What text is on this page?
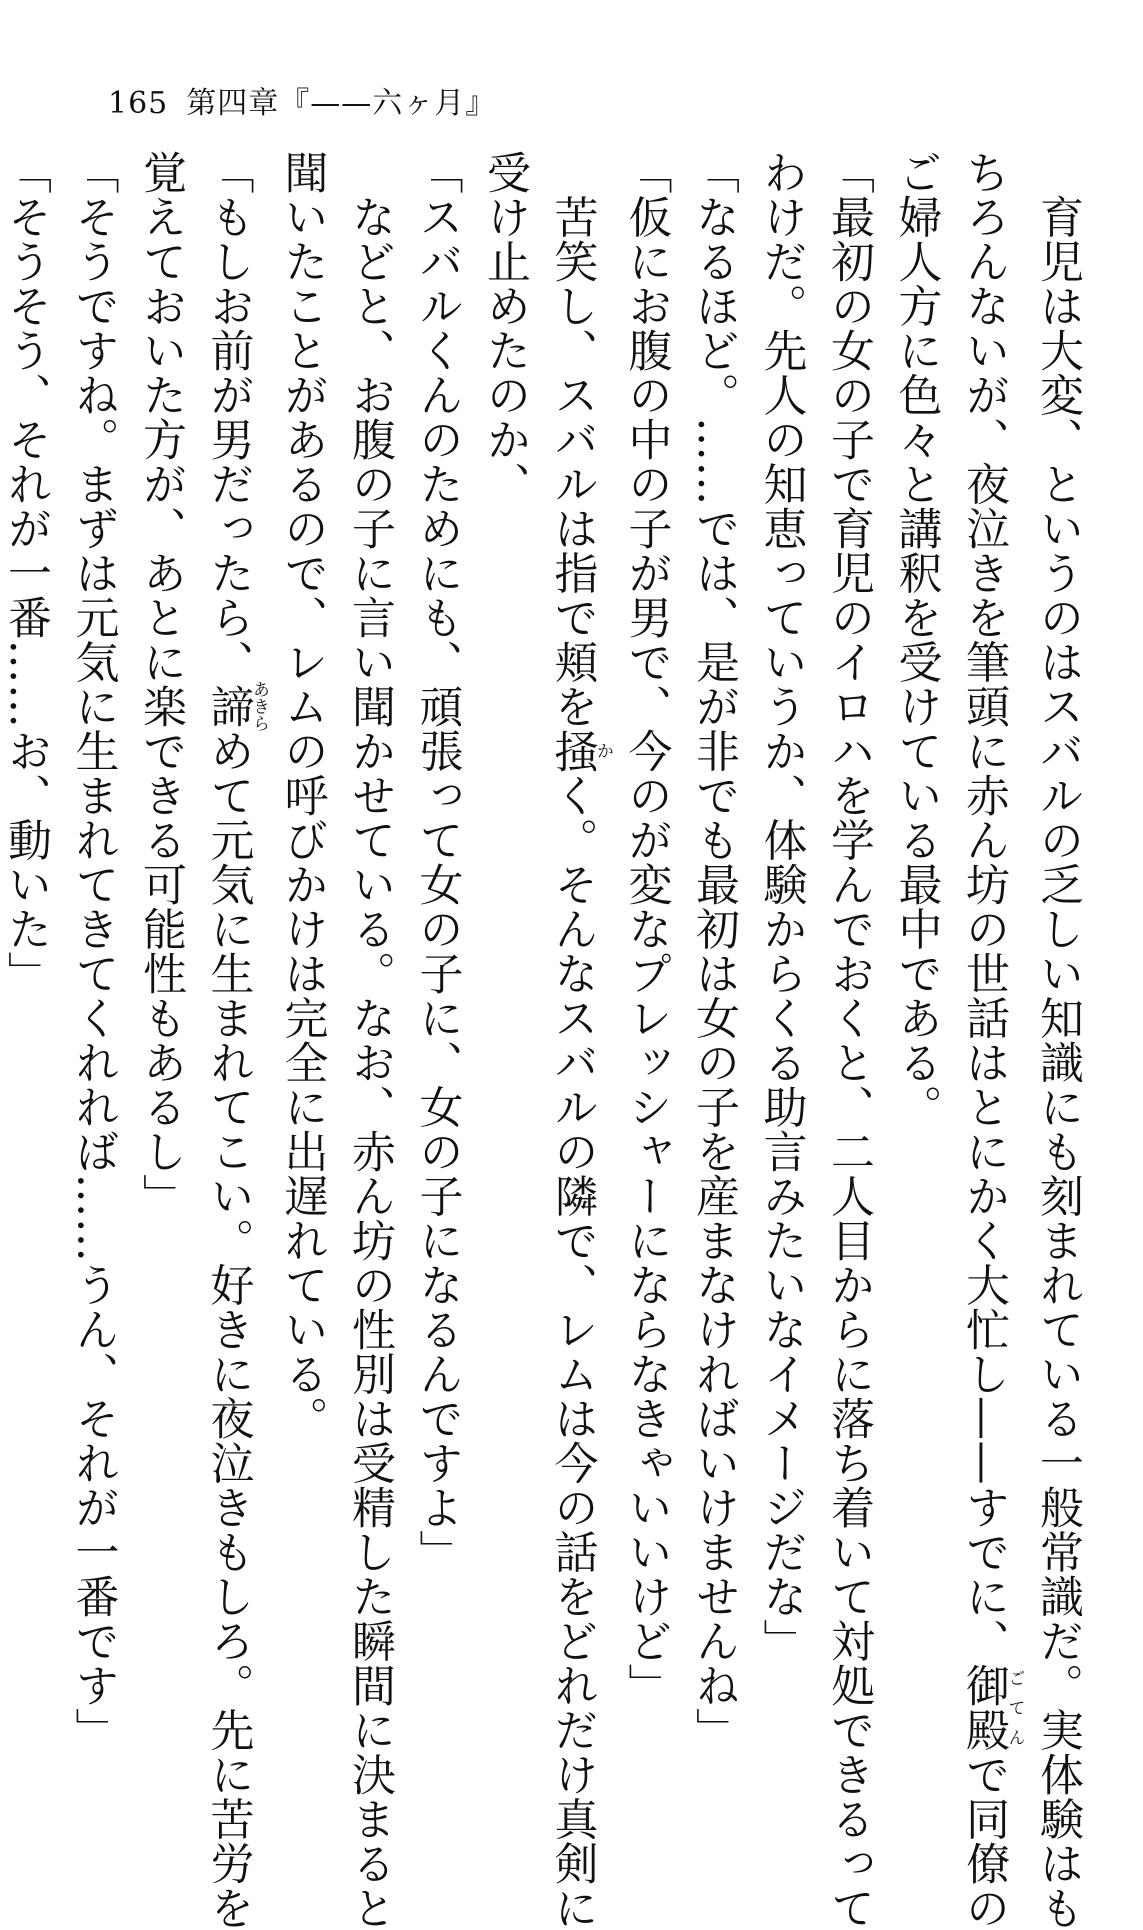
165 第四章『——六ヶ月』
　育児は大変、というのはスバルの乏しい知識にも刻まれている一般常識だ。実体験はも
ちろんないが、夜泣きを筆頭に赤ん坊の世話はとにかく大忙し——すでに、御殿ごてんで同僚の
ご婦人方に色々と講釈を受けている最中である。
「最初の女の子で育児のイロハを学んでおくと、二人目からに落ち着いて対処できるって
わけだ。先人の知恵っていうか、体験からくる助言みたいなイメージだな」
「なるほど。……では、是が非でも最初は女の子を産まなければいけませんね」
「仮にお腹の中の子が男で、今のが変なプレッシャーにならなきゃいいけど」
　苦笑し、スバルは指で頬を掻かく。そんなスバルの隣で、レムは今の話をどれだけ真剣に
受け止めたのか、
「スバルくんのためにも、頑張って女の子に、女の子になるんですよ」
　などと、お腹の子に言い聞かせている。なお、赤ん坊の性別は受精した瞬間に決まると
聞いたことがあるので、レムの呼びかけは完全に出遅れている。
「もしお前が男だったら、諦あきらめて元気に生まれてこい。好きに夜泣きもしろ。先に苦労を
覚えておいた方が、あとに楽できる可能性もあるし」
「そうですね。まずは元気に生まれてきてくれれば……うん、それが一番です」
「そうそう、それが一番……お、動いた」
